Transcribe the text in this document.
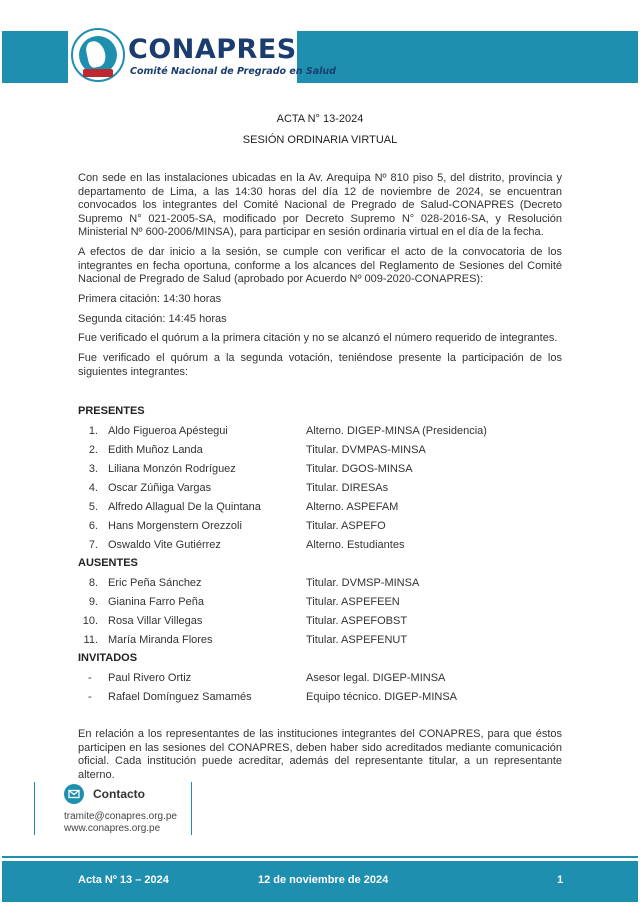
CONAPRES
Comité Nacional de Pregrado en Salud
ACTA N° 13-2024
SESIÓN ORDINARIA VIRTUAL

Con sede en las instalaciones ubicadas en la Av. Arequipa Nº 810 piso 5, del distrito, provincia y departamento de Lima, a las 14:30 horas del día 12 de noviembre de 2024, se encuentran convocados los integrantes del Comité Nacional de Pregrado de Salud-CONAPRES (Decreto Supremo N° 021-2005-SA, modificado por Decreto Supremo N° 028-2016-SA, y Resolución Ministerial Nº 600-2006/MINSA), para participar en sesión ordinaria virtual en el día de la fecha.

A efectos de dar inicio a la sesión, se cumple con verificar el acto de la convocatoria de los integrantes en fecha oportuna, conforme a los alcances del Reglamento de Sesiones del Comité Nacional de Pregrado de Salud (aprobado por Acuerdo Nº 009-2020-CONAPRES):

Primera citación: 14:30 horas

Segunda citación: 14:45 horas

Fue verificado el quórum a la primera citación y no se alcanzó el número requerido de integrantes.

Fue verificado el quórum a la segunda votación, teniéndose presente la participación de los siguientes integrantes:

PRESENTES
1. Aldo Figueroa Apéstegui	Alterno. DIGEP-MINSA (Presidencia)
2. Edith Muñoz Landa	Titular. DVMPAS-MINSA
3. Liliana Monzón Rodríguez	Titular. DGOS-MINSA
4. Oscar Zúñiga Vargas	Titular. DIRESAs
5. Alfredo Allagual De la Quintana	Alterno. ASPEFAM
6. Hans Morgenstern Orezzoli	Titular. ASPEFO
7. Oswaldo Vite Gutiérrez	Alterno. Estudiantes
AUSENTES
8. Eric Peña Sánchez	Titular. DVMSP-MINSA
9. Gianina Farro Peña	Titular. ASPEFEEN
10. Rosa Villar Villegas	Titular. ASPEFOBST
11. María Miranda Flores	Titular. ASPEFENUT
INVITADOS
-	Paul Rivero Ortiz	Asesor legal. DIGEP-MINSA
-	Rafael Domínguez Samamés	Equipo técnico. DIGEP-MINSA

En relación a los representantes de las instituciones integrantes del CONAPRES, para que éstos participen en las sesiones del CONAPRES, deben haber sido acreditados mediante comunicación oficial. Cada institución puede acreditar, además del representante titular, a un representante alterno.

Contacto
tramite@conapres.org.pe
www.conapres.org.pe
Acta Nº 13 – 2024	12 de noviembre de 2024	1
